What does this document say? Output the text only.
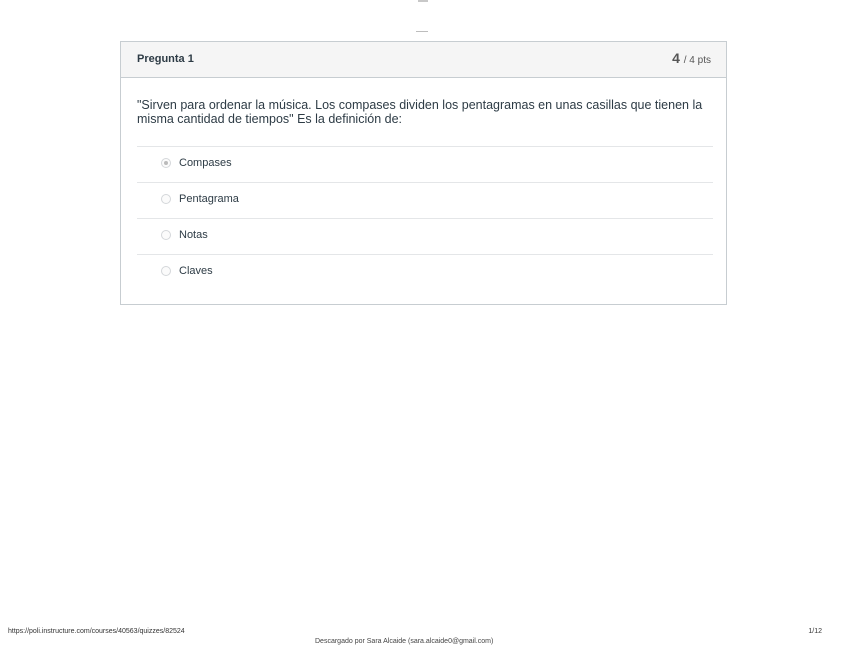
Pregunta 1	4 / 4 pts
"Sirven para ordenar la música. Los compases dividen los pentagramas en unas casillas que tienen la misma cantidad de tiempos" Es la definición de:
Compases
Pentagrama
Notas
Claves
https://poli.instructure.com/courses/40563/quizzes/82524
Descargado por Sara Alcaide (sara.alcaide0@gmail.com)
1/12
